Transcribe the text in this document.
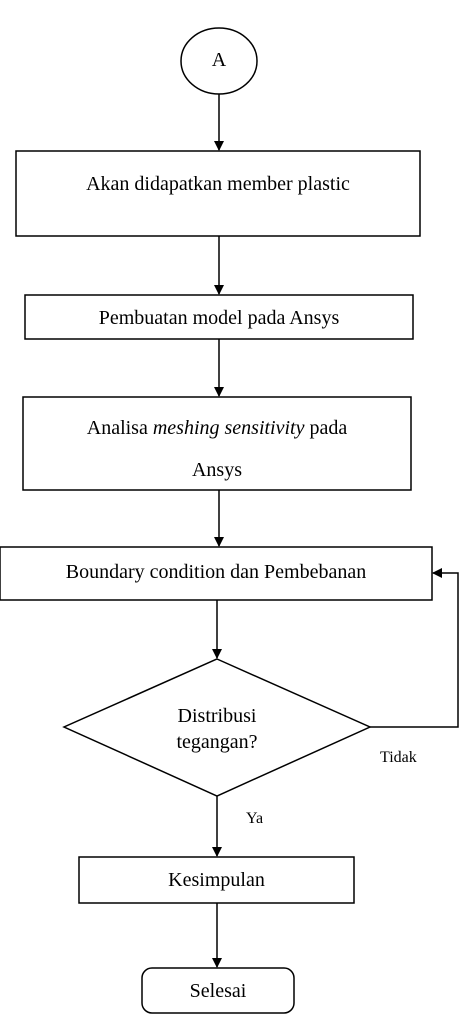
A
Akan didapatkan member plastic
Pembuatan model pada Ansys
Analisa meshing sensitivity pada
Ansys
Boundary condition dan Pembebanan
Distribusi
tegangan?
Tidak
Ya
Kesimpulan
Selesai
